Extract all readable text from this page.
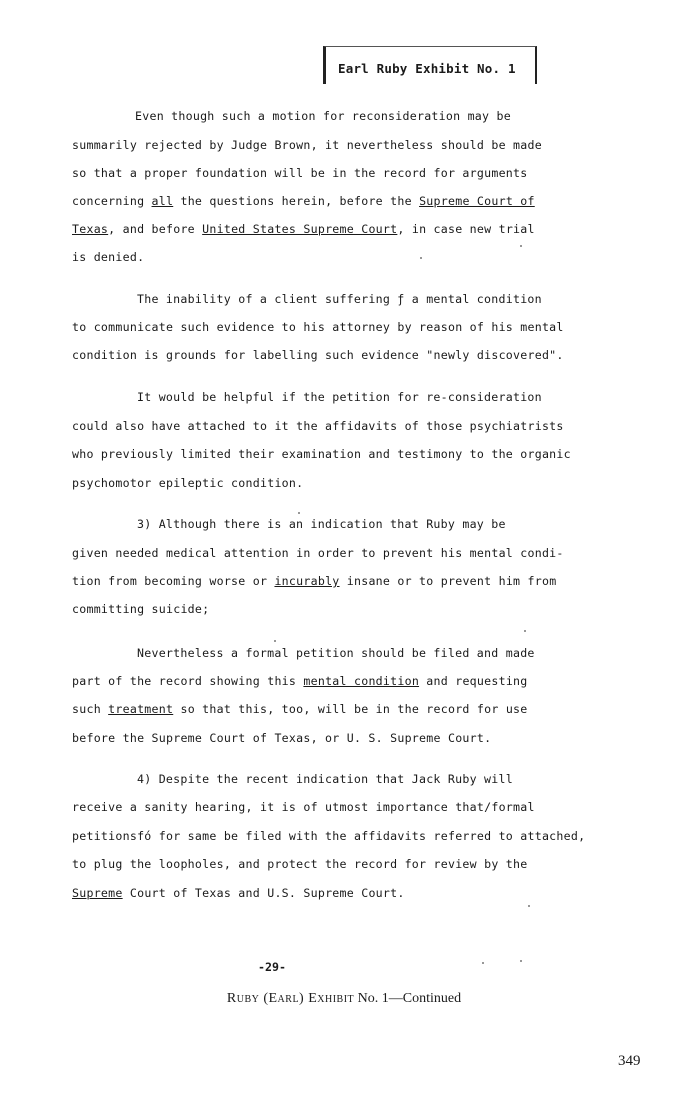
Earl Ruby Exhibit No. 1
Even though such a motion for reconsideration may be
summarily rejected by Judge Brown, it nevertheless should be made
so that a proper foundation will be in the record for arguments
concerning all the questions herein, before the Supreme Court of
Texas, and before United States Supreme Court, in case new trial
is denied.
The inability of a client suffering ƒ a mental condition
to communicate such evidence to his attorney by reason of his mental
condition is grounds for labelling such evidence "newly discovered".
It would be helpful if the petition for re-consideration
could also have attached to it the affidavits of those psychiatrists
who previously limited their examination and testimony to the organic
psychomotor epileptic condition.
3) Although there is an indication that Ruby may be
given needed medical attention in order to prevent his mental condi-
tion from becoming worse or incurably insane or to prevent him from
committing suicide;
Nevertheless a formal petition should be filed and made
part of the record showing this mental condition and requesting
such treatment so that this, too, will be in the record for use
before the Supreme Court of Texas, or U. S. Supreme Court.
4) Despite the recent indication that Jack Ruby will
receive a sanity hearing, it is of utmost importance that/formal
petitionsfó for same be filed with the affidavits referred to attached,
to plug the loopholes, and protect the record for review by the
Supreme Court of Texas and U.S. Supreme Court.
-29-
Ruby (Earl) Exhibit No. 1—Continued
349
